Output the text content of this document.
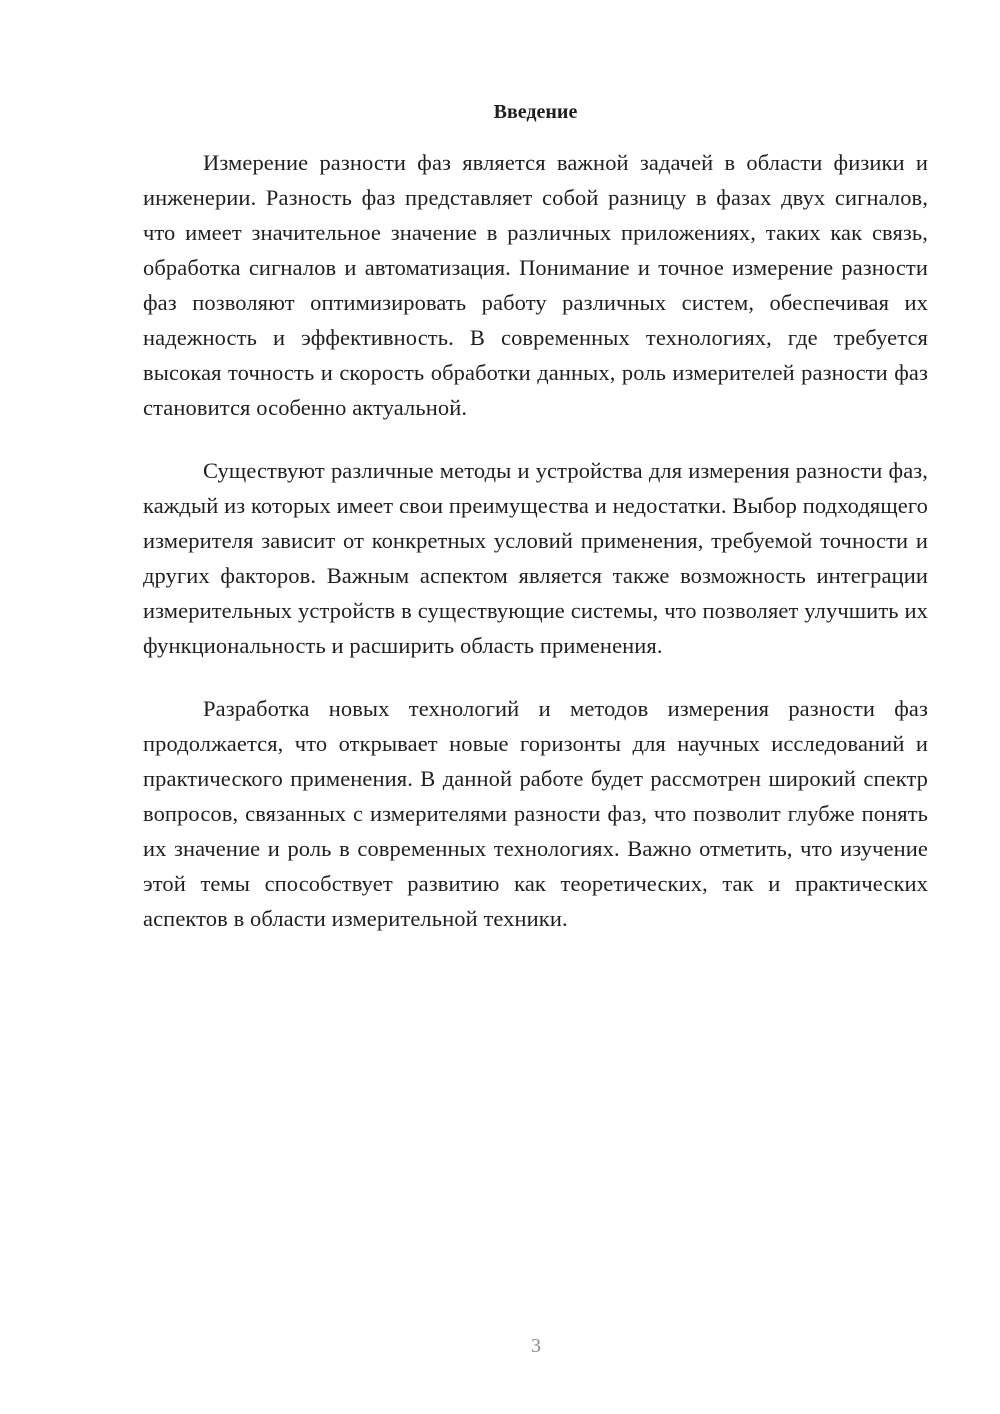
Введение

Измерение разности фаз является важной задачей в области физики и инженерии. Разность фаз представляет собой разницу в фазах двух сигналов, что имеет значительное значение в различных приложениях, таких как связь, обработка сигналов и автоматизация. Понимание и точное измерение разности фаз позволяют оптимизировать работу различных систем, обеспечивая их надежность и эффективность. В современных технологиях, где требуется высокая точность и скорость обработки данных, роль измерителей разности фаз становится особенно актуальной.

Существуют различные методы и устройства для измерения разности фаз, каждый из которых имеет свои преимущества и недостатки. Выбор подходящего измерителя зависит от конкретных условий применения, требуемой точности и других факторов. Важным аспектом является также возможность интеграции измерительных устройств в существующие системы, что позволяет улучшить их функциональность и расширить область применения.

Разработка новых технологий и методов измерения разности фаз продолжается, что открывает новые горизонты для научных исследований и практического применения. В данной работе будет рассмотрен широкий спектр вопросов, связанных с измерителями разности фаз, что позволит глубже понять их значение и роль в современных технологиях. Важно отметить, что изучение этой темы способствует развитию как теоретических, так и практических аспектов в области измерительной техники.

3
